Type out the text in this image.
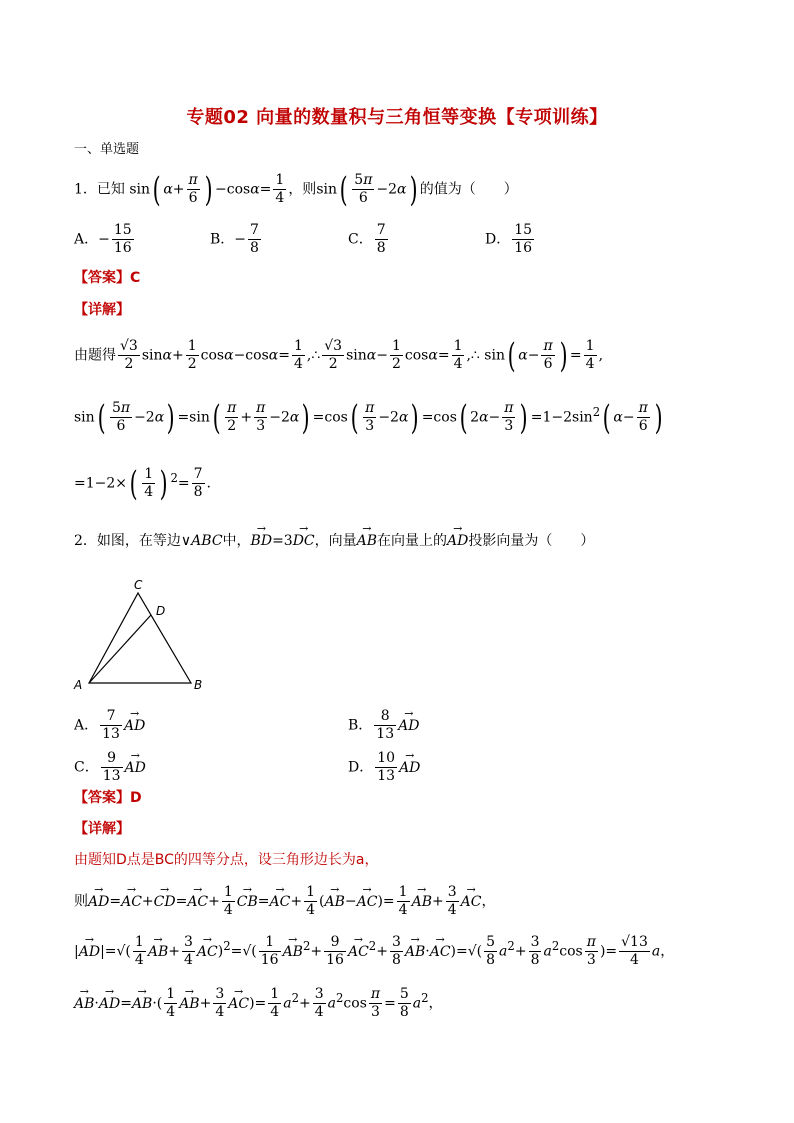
专题02 向量的数量积与三角恒等变换【专项训练】
一、单选题
1．已知 sin( $\alpha+ \frac{\pi}{6}$ ) $-\cos\alpha= \frac{1}{4}$ ，则$\sin( \frac{5\pi}{6} -2\alpha)$ 的值为（　　）
A．− $\frac{15}{16}$	B．− $\frac{7}{8}$	C． $\frac{7}{8}$	D． $\frac{15}{16}$
【答案】C
【详解】
由题得 $\frac{√3}{2} \sin\alpha+ \frac{1}{2} \cos\alpha-\cos\alpha= \frac{1}{4}$ ,∴ $\frac{√3}{2} \sin\alpha- \frac{1}{2} \cos\alpha= \frac{1}{4}$ ,∴ sin( $\alpha- \frac{\pi}{6}$ ) = $\frac{1}{4}$ ,
$\sin( \frac{5\pi}{6} -2\alpha) =\sin( \frac{\pi}{2} + \frac{\pi}{3} -2\alpha) =\cos( \frac{\pi}{3} -2\alpha) =\cos$( $2\alpha- \frac{\pi}{3}$ ) $=1-2\sin^2$( $\alpha- \frac{\pi}{6}$ )
$=1-2\times( \frac{1}{4}$ ) $^2= \frac{7}{8}$ .
2．如图，在等边∨ABC中，→ BD=3→ DC，向量→ AB在向量上的→ AD投影向量为（　　）
C
D
A	B
A． $\frac{7}{13}$
→ AD	B． $\frac{8}{13}$
→ AD
C． $\frac{9}{13}$
→ AD	D． $\frac{10}{13}$
→ AD
【答案】D
【详解】
由题知D点是BC的四等分点，设三角形边长为a，
则→ $AD=\to AC+\to CD=\to AC+ \frac{1}{4}$
→ $CB=\to AC+ \frac{1}{4}$ (→ $AB-\to AC)= \frac{1}{4}$
→ $AB+ \frac{3}{4}$
→ AC，
|→ $AD|=√( \frac{1}{4}$
→ $AB+ \frac{3}{4}$
→ $AC)^2=√( \frac{1}{16}$
→ $AB^2+ \frac{9}{16}$
→ $AC^2+ \frac{3}{8}$
→ $AB\cdot\to AC)=√( \frac{5}{8} a^2+ \frac{3}{8} a^2\cos \frac{\pi}{3}$ )= $\frac{√13}{4}$ a，
→ $AB\cdot\to AD=\to AB\cdot( \frac{1}{4}$
→ $AB+ \frac{3}{4}$
→ $AC)= \frac{1}{4} a^2+ \frac{3}{4} a^2\cos \frac{\pi}{3} = \frac{5}{8} a^2$，
